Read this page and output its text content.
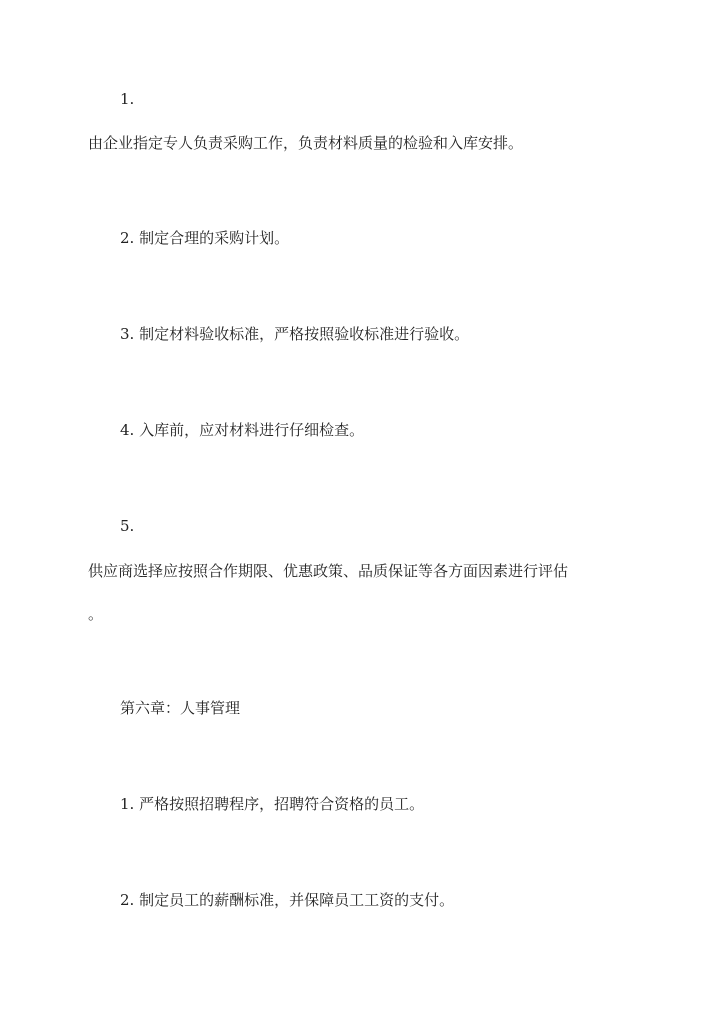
1.
由企业指定专人负责采购工作，负责材料质量的检验和入库安排。
2. 制定合理的采购计划。
3. 制定材料验收标准，严格按照验收标准进行验收。
4. 入库前，应对材料进行仔细检查。
5.
供应商选择应按照合作期限、优惠政策、品质保证等各方面因素进行评估
。
第六章：人事管理
1. 严格按照招聘程序，招聘符合资格的员工。
2. 制定员工的薪酬标准，并保障员工工资的支付。
